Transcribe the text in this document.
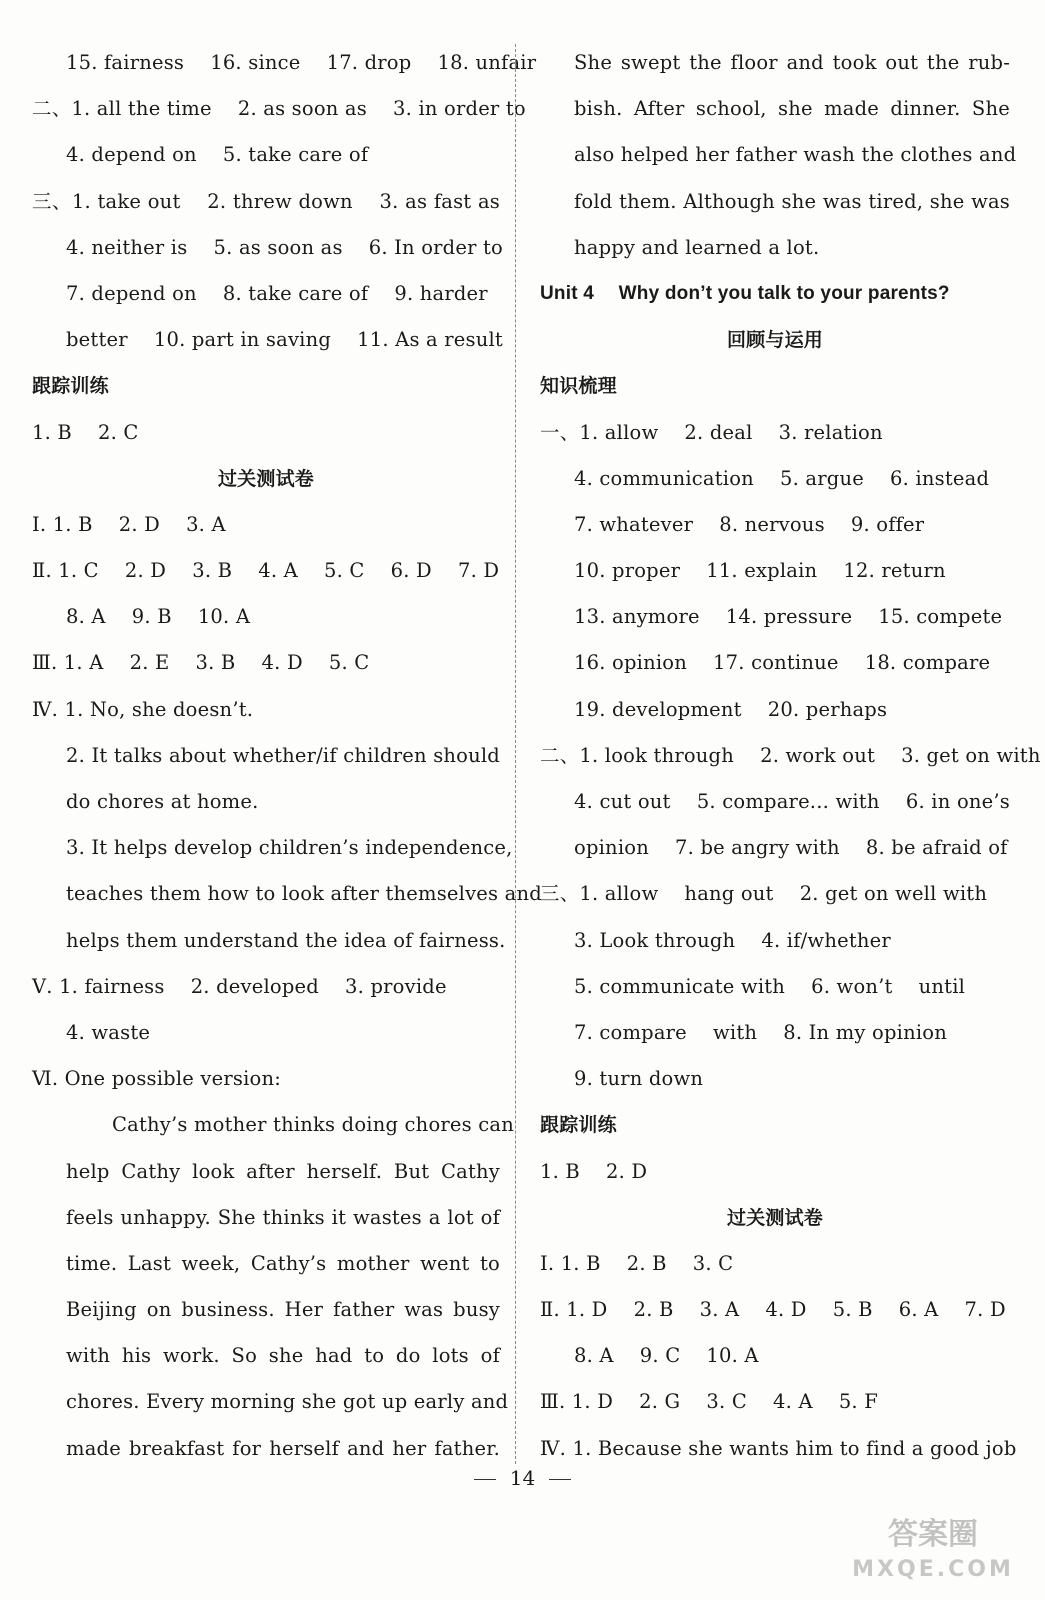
15. fairness　 16. since　 17. drop　 18. unfair
二、1. all the time　 2. as soon as　 3. in order to
4. depend on　 5. take care of
三、1. take out　 2. threw down　 3. as fast as
4. neither is　 5. as soon as　 6. In order to
7. depend on　 8. take care of　 9. harder
better　 10. part in saving　 11. As a result
跟踪训练
1. B　 2. C
过关测试卷
Ⅰ. 1. B　 2. D　 3. A
Ⅱ. 1. C　 2. D　 3. B　 4. A　 5. C　 6. D　 7. D
8. A　 9. B　 10. A
Ⅲ. 1. A　 2. E　 3. B　 4. D　 5. C
Ⅳ. 1. No, she doesn’t.
2. It talks about whether/if children should
do chores at home.
3. It helps develop children’s independence,
teaches them how to look after themselves and
helps them understand the idea of fairness.
Ⅴ. 1. fairness　 2. developed　 3. provide
4. waste
Ⅵ. One possible version:
Cathy’s mother thinks doing chores can
help Cathy look after herself. But Cathy
feels unhappy. She thinks it wastes a lot of
time. Last week, Cathy’s mother went to
Beijing on business. Her father was busy
with his work. So she had to do lots of
chores. Every morning she got up early and
made breakfast for herself and her father.
She swept the floor and took out the rub-
bish. After school, she made dinner. She
also helped her father wash the clothes and
fold them. Although she was tired, she was
happy and learned a lot.
Unit 4　 Why don’t you talk to your parents?
回顾与运用
知识梳理
一、1. allow　 2. deal　 3. relation
4. communication　 5. argue　 6. instead
7. whatever　 8. nervous　 9. offer
10. proper　 11. explain　 12. return
13. anymore　 14. pressure　 15. compete
16. opinion　 17. continue　 18. compare
19. development　 20. perhaps
二、1. look through　 2. work out　 3. get on with
4. cut out　 5. compare... with　 6. in one’s
opinion　 7. be angry with　 8. be afraid of
三、1. allow　 hang out　 2. get on well with
3. Look through　 4. if/whether
5. communicate with　 6. won’t　 until
7. compare　 with　 8. In my opinion
9. turn down
跟踪训练
1. B　 2. D
过关测试卷
Ⅰ. 1. B　 2. B　 3. C
Ⅱ. 1. D　 2. B　 3. A　 4. D　 5. B　 6. A　 7. D
8. A　 9. C　 10. A
Ⅲ. 1. D　 2. G　 3. C　 4. A　 5. F
Ⅳ. 1. Because she wants him to find a good job
14
答案圈
MXQE.COM
